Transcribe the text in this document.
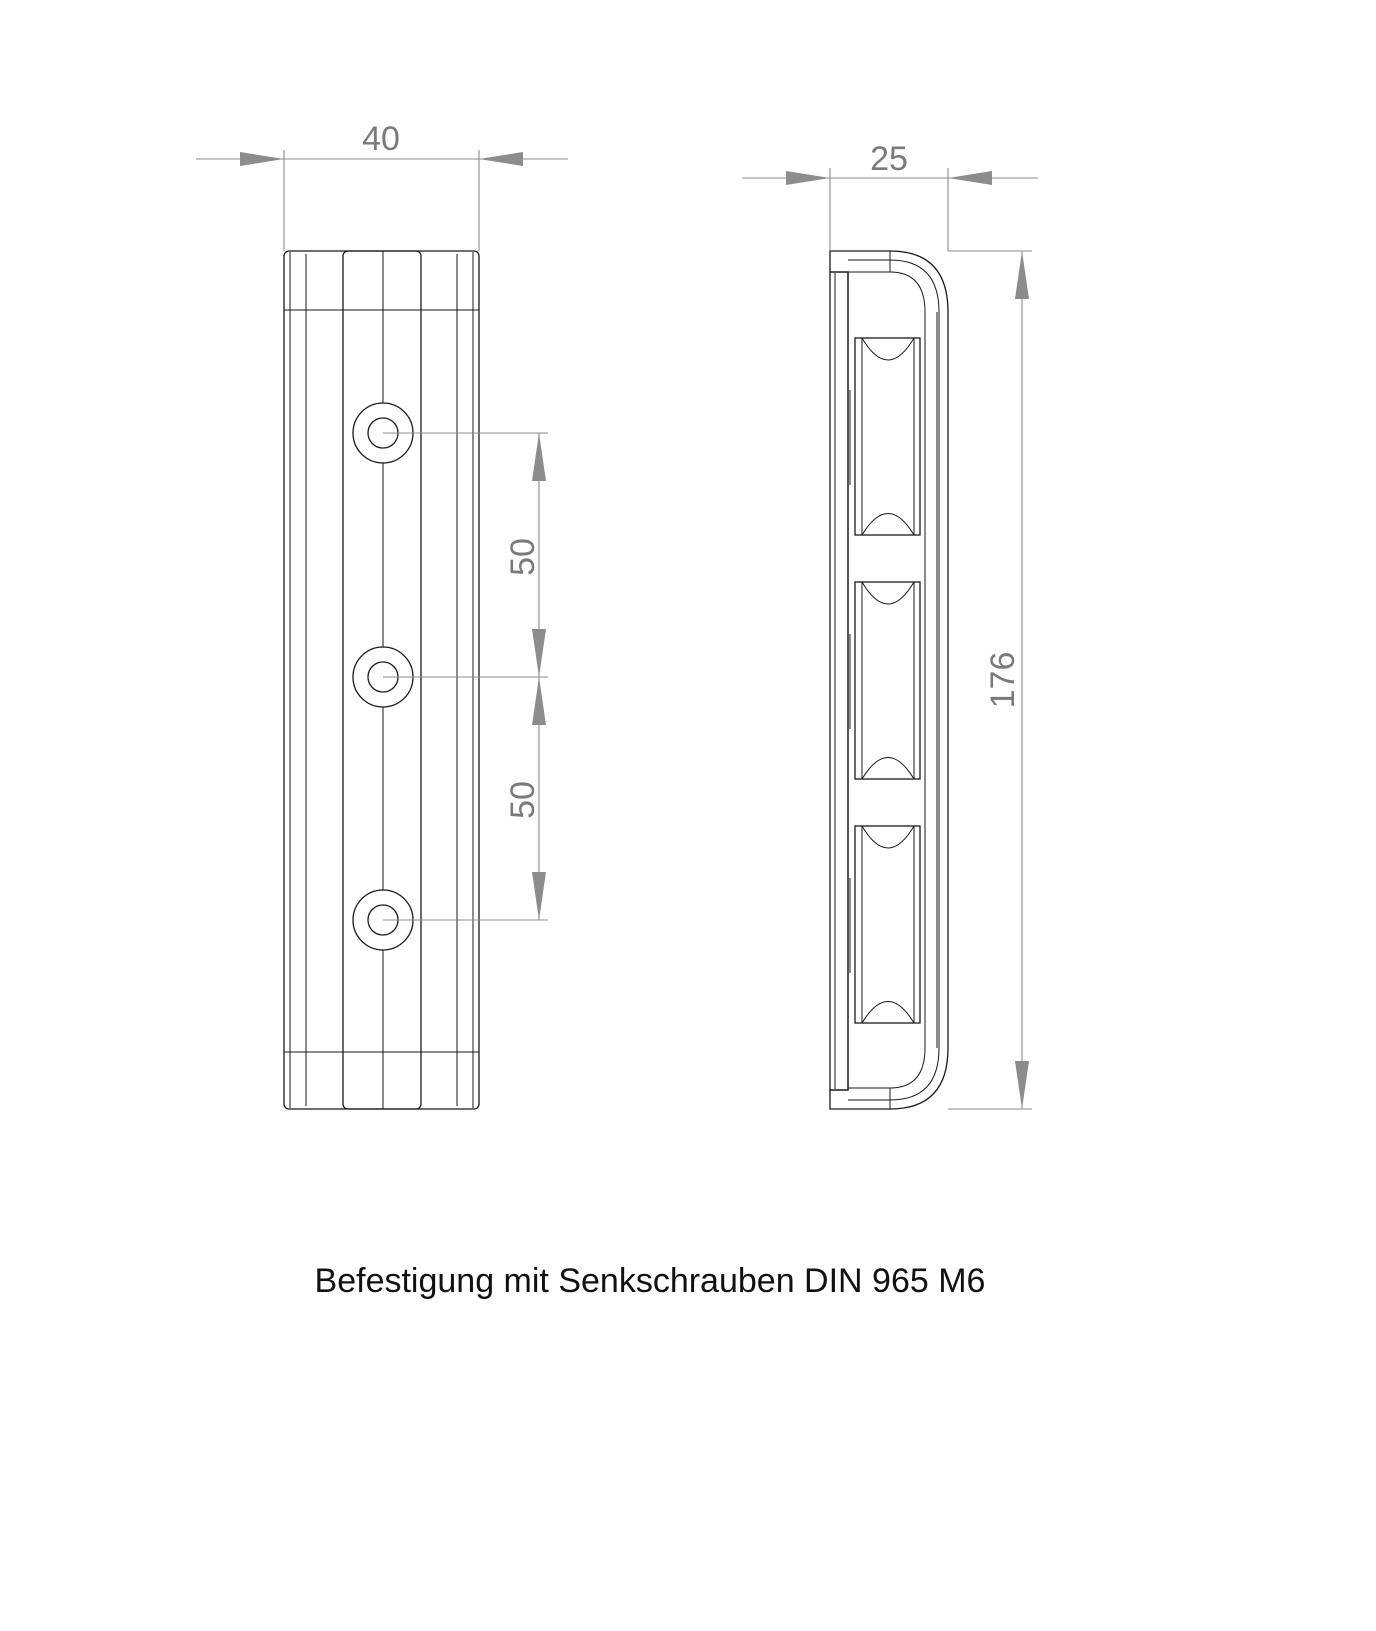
40
50
50
25
176
Befestigung mit Senkschrauben DIN 965 M6
